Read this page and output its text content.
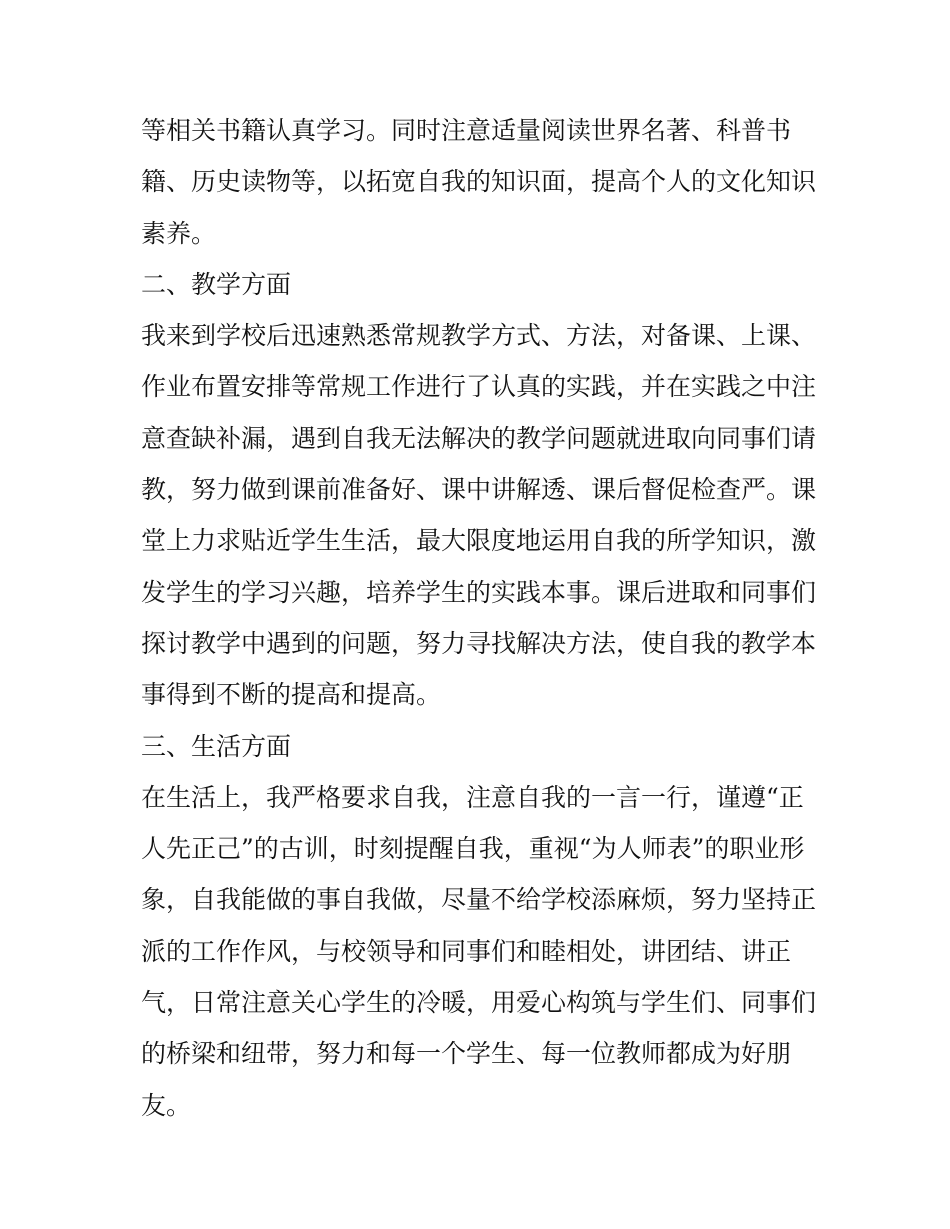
等相关书籍认真学习。同时注意适量阅读世界名著、科普书
籍、历史读物等，以拓宽自我的知识面，提高个人的文化知识
素养。
二、教学方面
我来到学校后迅速熟悉常规教学方式、方法，对备课、上课、
作业布置安排等常规工作进行了认真的实践，并在实践之中注
意查缺补漏，遇到自我无法解决的教学问题就进取向同事们请
教，努力做到课前准备好、课中讲解透、课后督促检查严。课
堂上力求贴近学生生活，最大限度地运用自我的所学知识，激
发学生的学习兴趣，培养学生的实践本事。课后进取和同事们
探讨教学中遇到的问题，努力寻找解决方法，使自我的教学本
事得到不断的提高和提高。
三、生活方面
在生活上，我严格要求自我，注意自我的一言一行，谨遵“正
人先正己”的古训，时刻提醒自我，重视“为人师表”的职业形
象，自我能做的事自我做，尽量不给学校添麻烦，努力坚持正
派的工作作风，与校领导和同事们和睦相处，讲团结、讲正
气，日常注意关心学生的冷暖，用爱心构筑与学生们、同事们
的桥梁和纽带，努力和每一个学生、每一位教师都成为好朋
友。
